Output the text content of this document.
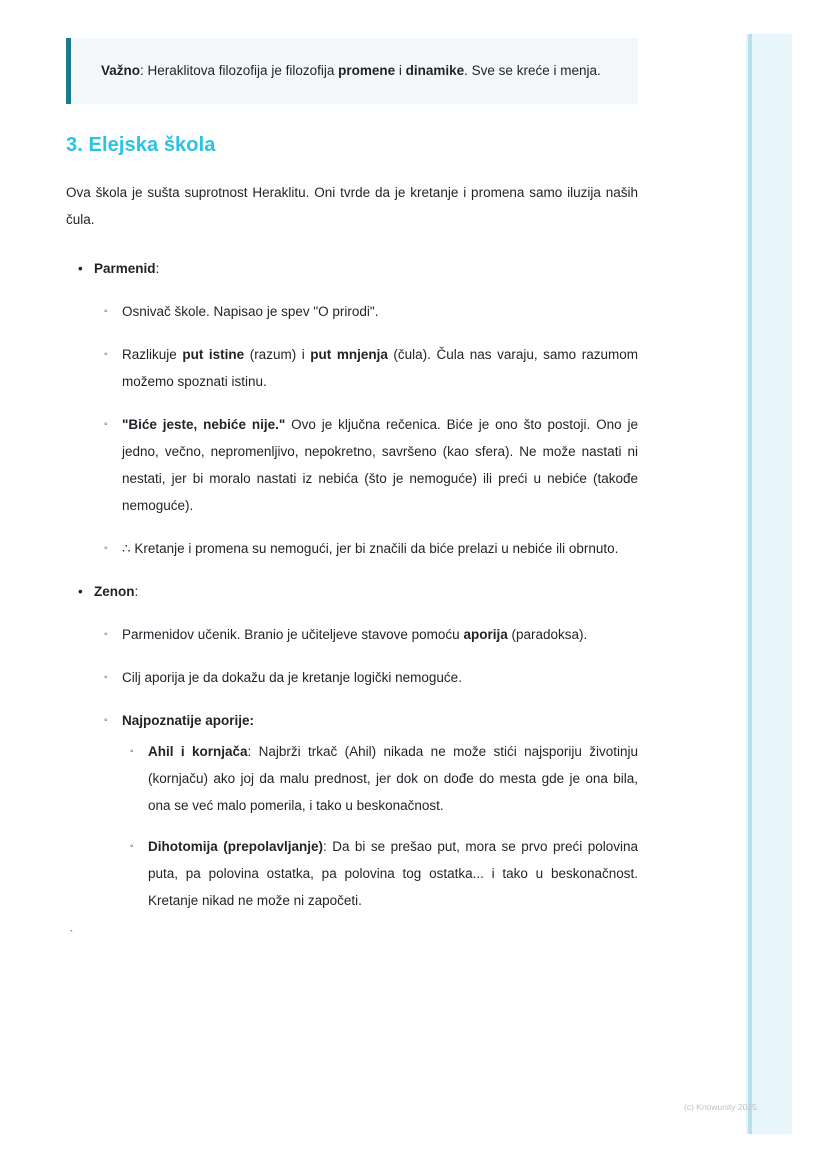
Važno: Heraklitova filozofija je filozofija promene i dinamike. Sve se kreće i menja.

3. Elejska škola

Ova škola je sušta suprotnost Heraklitu. Oni tvrde da je kretanje i promena samo iluzija naših čula.

• Parmenid:
◦ Osnivač škole. Napisao je spev "O prirodi".
◦ Razlikuje put istine (razum) i put mnjenja (čula). Čula nas varaju, samo razumom možemo spoznati istinu.
◦ "Biće jeste, nebiće nije." Ovo je ključna rečenica. Biće je ono što postoji. Ono je jedno, večno, nepromenljivo, nepokretno, savršeno (kao sfera). Ne može nastati ni nestati, jer bi moralo nastati iz nebića (što je nemoguće) ili preći u nebiće (takođe nemoguće).
◦ ∴ Kretanje i promena su nemogući, jer bi značili da biće prelazi u nebiće ili obrnuto.
• Zenon:
◦ Parmenidov učenik. Branio je učiteljeve stavove pomoću aporija (paradoksa).
◦ Cilj aporija je da dokažu da je kretanje logički nemoguće.
◦ Najpoznatije aporije:
◦ Ahil i kornjača: Najbrži trkač (Ahil) nikada ne može stići najsporiju životinju (kornjaču) ako joj da malu prednost, jer dok on dođe do mesta gde je ona bila, ona se već malo pomerila, i tako u beskonačnost.
◦ Dihotomija (prepolavljanje): Da bi se prešao put, mora se prvo preći polovina puta, pa polovina ostatka, pa polovina tog ostatka... i tako u beskonačnost. Kretanje nikad ne može ni započeti.
`
(c) Knowunity 2025
